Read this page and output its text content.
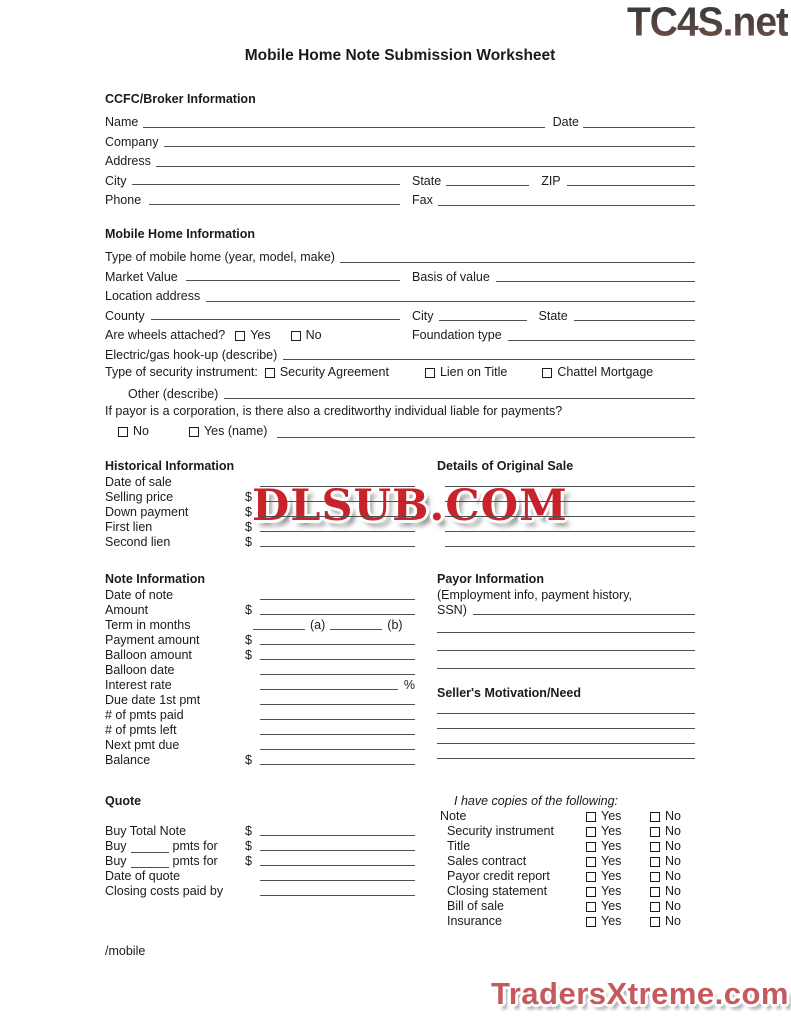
TC4S.net
DLSUB.COM
TradersXtreme.com
Mobile Home Note Submission Worksheet
CCFC/Broker Information
Name	Date
Company
Address
City	State	ZIP
Phone	Fax
Mobile Home Information
Type of mobile home (year, model, make)
Market Value	Basis of value
Location address
County	City	State
Are wheels attached? Yes	No	Foundation type
Electric/gas hook-up (describe)
Type of security instrument: Security Agreement	Lien on Title	Chattel Mortgage
Other (describe)
If payor is a corporation, is there also a creditworthy individual liable for payments?
No	Yes (name)
Historical Information
Date of sale
Selling price	$
Down payment	$
First lien	$
Second lien	$
Details of Original Sale
Note Information
Date of note
Amount	$
Term in months	(a)	(b)
Payment amount	$
Balloon amount	$
Balloon date
Interest rate	%
Due date 1st pmt
# of pmts paid
# of pmts left
Next pmt due
Balance	$
Payor Information
(Employment info, payment history,
SSN)
Seller's Motivation/Need
Quote
Buy Total Note	$
Buy	pmts for $
Buy	pmts for $
Date of quote
Closing costs paid by
I have copies of the following:
Note	Yes	No
Security instrument	Yes	No
Title	Yes	No
Sales contract	Yes	No
Payor credit report	Yes	No
Closing statement	Yes	No
Bill of sale	Yes	No
Insurance	Yes	No
/mobile
